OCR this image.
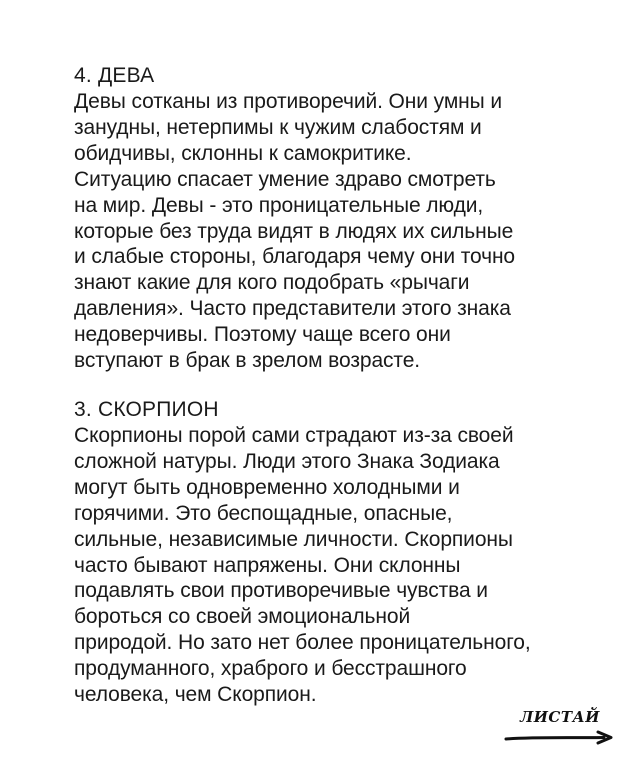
4. ДЕВА
Девы сотканы из противоречий. Они умны и
занудны, нетерпимы к чужим слабостям и
обидчивы, склонны к самокритике.
Ситуацию спасает умение здраво смотреть
на мир. Девы - это проницательные люди,
которые без труда видят в людях их сильные
и слабые стороны, благодаря чему они точно
знают какие для кого подобрать «рычаги
давления». Часто представители этого знака
недоверчивы. Поэтому чаще всего они
вступают в брак в зрелом возрасте.
3. СКОРПИОН
Скорпионы порой сами страдают из-за своей
сложной натуры. Люди этого Знака Зодиака
могут быть одновременно холодными и
горячими. Это беспощадные, опасные,
сильные, независимые личности. Скорпионы
часто бывают напряжены. Они склонны
подавлять свои противоречивые чувства и
бороться со своей эмоциональной
природой. Но зато нет более проницательного,
продуманного, храброго и бесстрашного
человека, чем Скорпион.
ЛИСТАЙ
